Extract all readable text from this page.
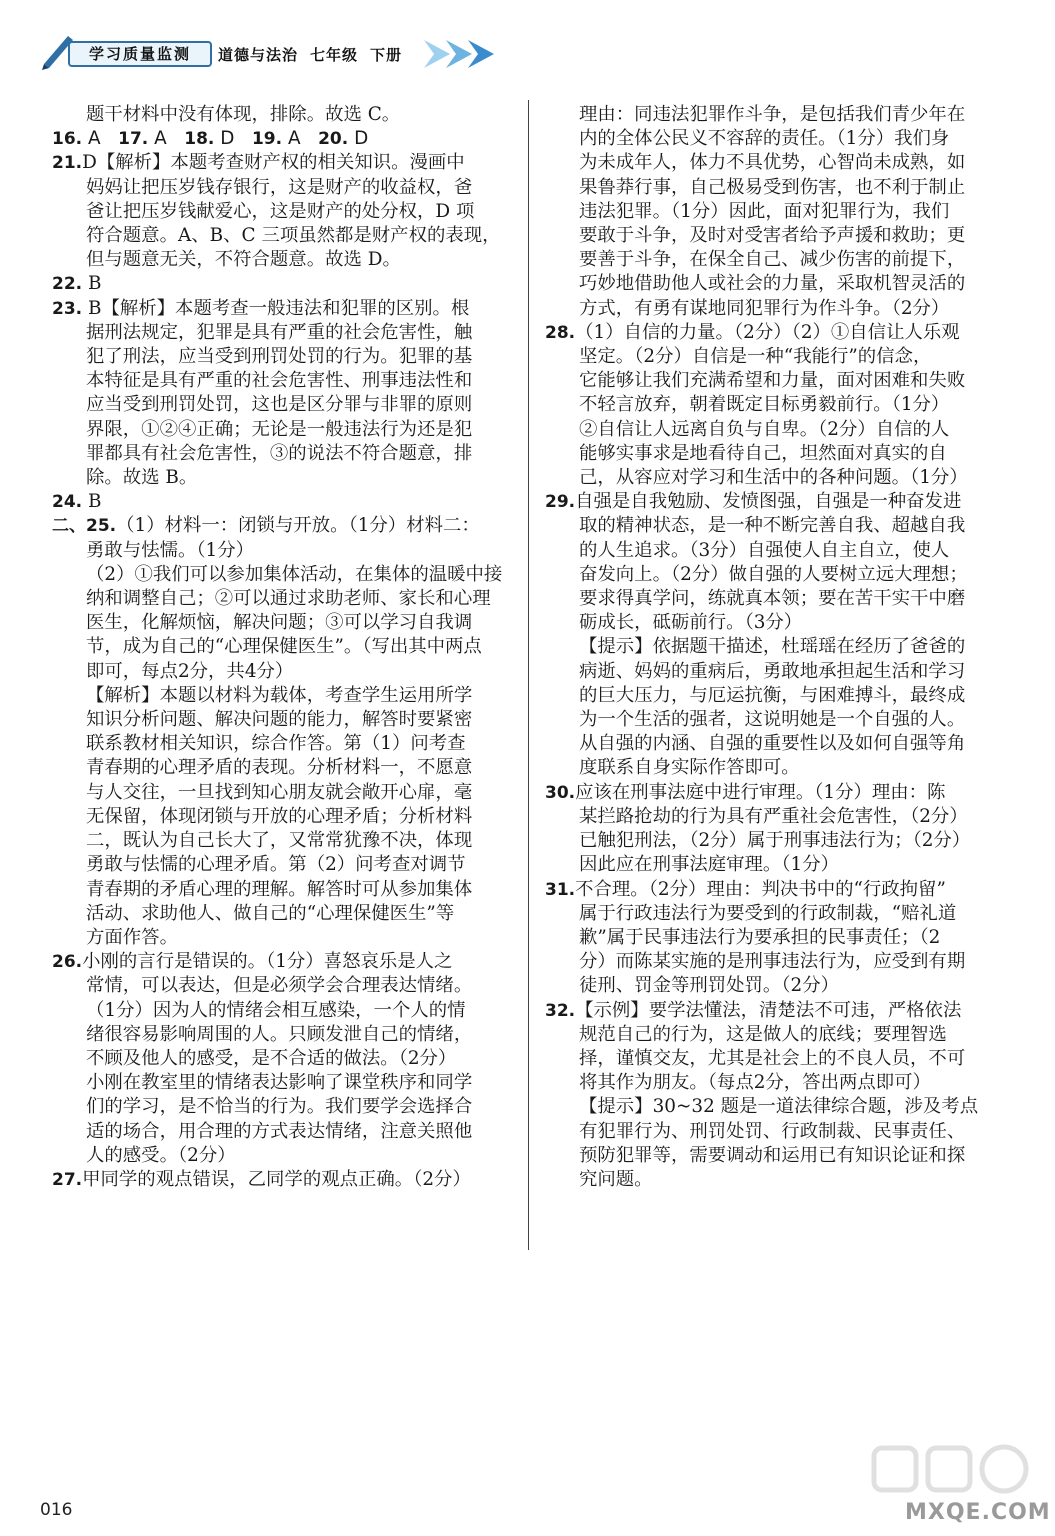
学习质量监测	道德与法治 七年级 下册

题干材料中没有体现，排除。故选 C。

16. A 17. A 18. D 19. A 20. D

21.D【解析】本题考查财产权的相关知识。漫画中

妈妈让把压岁钱存银行，这是财产的收益权，爸

爸让把压岁钱献爱心，这是财产的处分权，D 项

符合题意。A、B、C 三项虽然都是财产权的表现，

但与题意无关，不符合题意。故选 D。

22. B

23. B【解析】本题考查一般违法和犯罪的区别。根

据刑法规定，犯罪是具有严重的社会危害性，触

犯了刑法，应当受到刑罚处罚的行为。犯罪的基

本特征是具有严重的社会危害性、刑事违法性和

应当受到刑罚处罚，这也是区分罪与非罪的原则

界限，①②④正确；无论是一般违法行为还是犯

罪都具有社会危害性，③的说法不符合题意，排

除。故选 B。

24. B

二、25.（1）材料一：闭锁与开放。（1分）材料二：

勇敢与怯懦。（1分）

（2）①我们可以参加集体活动，在集体的温暖中接

纳和调整自己；②可以通过求助老师、家长和心理

医生，化解烦恼，解决问题；③可以学习自我调

节，成为自己的“心理保健医生”。（写出其中两点

即可，每点2分，共4分）

【解析】本题以材料为载体，考查学生运用所学

知识分析问题、解决问题的能力，解答时要紧密

联系教材相关知识，综合作答。第（1）问考查

青春期的心理矛盾的表现。分析材料一，不愿意

与人交往，一旦找到知心朋友就会敞开心扉，毫

无保留，体现闭锁与开放的心理矛盾；分析材料

二，既认为自己长大了，又常常犹豫不决，体现

勇敢与怯懦的心理矛盾。第（2）问考查对调节

青春期的矛盾心理的理解。解答时可从参加集体

活动、求助他人、做自己的“心理保健医生”等

方面作答。

26.小刚的言行是错误的。（1分）喜怒哀乐是人之

常情，可以表达，但是必须学会合理表达情绪。

（1分）因为人的情绪会相互感染，一个人的情

绪很容易影响周围的人。只顾发泄自己的情绪，

不顾及他人的感受，是不合适的做法。（2分）

小刚在教室里的情绪表达影响了课堂秩序和同学

们的学习，是不恰当的行为。我们要学会选择合

适的场合，用合理的方式表达情绪，注意关照他

人的感受。（2分）

27.甲同学的观点错误，乙同学的观点正确。（2分）

理由：同违法犯罪作斗争，是包括我们青少年在

内的全体公民义不容辞的责任。（1分）我们身

为未成年人，体力不具优势，心智尚未成熟，如

果鲁莽行事，自己极易受到伤害，也不利于制止

违法犯罪。（1分）因此，面对犯罪行为，我们

要敢于斗争，及时对受害者给予声援和救助；更

要善于斗争，在保全自己、减少伤害的前提下，

巧妙地借助他人或社会的力量，采取机智灵活的

方式，有勇有谋地同犯罪行为作斗争。（2分）

28.（1）自信的力量。（2分）（2）①自信让人乐观

坚定。（2分）自信是一种“我能行”的信念，

它能够让我们充满希望和力量，面对困难和失败

不轻言放弃，朝着既定目标勇毅前行。（1分）

②自信让人远离自负与自卑。（2分）自信的人

能够实事求是地看待自己，坦然面对真实的自

己，从容应对学习和生活中的各种问题。（1分）

29.自强是自我勉励、发愤图强，自强是一种奋发进

取的精神状态，是一种不断完善自我、超越自我

的人生追求。（3分）自强使人自主自立，使人

奋发向上。（2分）做自强的人要树立远大理想；

要求得真学问，练就真本领；要在苦干实干中磨

砺成长，砥砺前行。（3分）

【提示】依据题干描述，杜瑶瑶在经历了爸爸的

病逝、妈妈的重病后，勇敢地承担起生活和学习

的巨大压力，与厄运抗衡，与困难搏斗，最终成

为一个生活的强者，这说明她是一个自强的人。

从自强的内涵、自强的重要性以及如何自强等角

度联系自身实际作答即可。

30.应该在刑事法庭中进行审理。（1分）理由：陈

某拦路抢劫的行为具有严重社会危害性，（2分）

已触犯刑法，（2分）属于刑事违法行为；（2分）

因此应在刑事法庭审理。（1分）

31.不合理。（2分）理由：判决书中的“行政拘留”

属于行政违法行为要受到的行政制裁，“赔礼道

歉”属于民事违法行为要承担的民事责任；（2

分）而陈某实施的是刑事违法行为，应受到有期

徒刑、罚金等刑罚处罚。（2分）

32.【示例】要学法懂法，清楚法不可违，严格依法

规范自己的行为，这是做人的底线；要理智选

择，谨慎交友，尤其是社会上的不良人员，不可

将其作为朋友。（每点2分，答出两点即可）

【提示】30~32 题是一道法律综合题，涉及考点

有犯罪行为、刑罚处罚、行政制裁、民事责任、

预防犯罪等，需要调动和运用已有知识论证和探

究问题。

016	MXQE.COM
